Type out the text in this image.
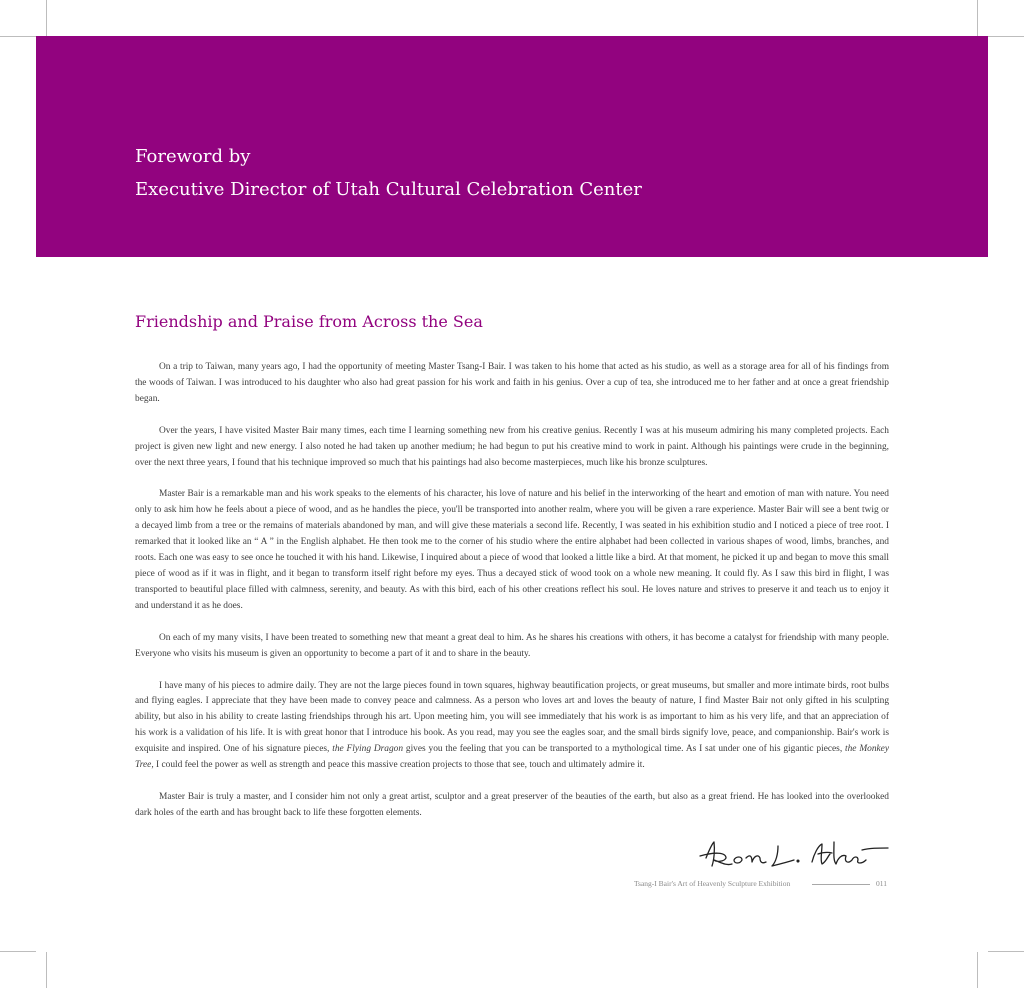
Foreword by
Executive Director of Utah Cultural Celebration Center
Friendship and Praise from Across the Sea

On a trip to Taiwan, many years ago, I had the opportunity of meeting Master Tsang-I Bair. I was taken to his home that acted as his studio, as well as a storage area for all of his findings from the woods of Taiwan. I was introduced to his daughter who also had great passion for his work and faith in his genius. Over a cup of tea, she introduced me to her father and at once a great friendship began.

Over the years, I have visited Master Bair many times, each time I learning something new from his creative genius. Recently I was at his museum admiring his many completed projects. Each project is given new light and new energy. I also noted he had taken up another medium; he had begun to put his creative mind to work in paint. Although his paintings were crude in the beginning, over the next three years, I found that his technique improved so much that his paintings had also become masterpieces, much like his bronze sculptures.

Master Bair is a remarkable man and his work speaks to the elements of his character, his love of nature and his belief in the interworking of the heart and emotion of man with nature. You need only to ask him how he feels about a piece of wood, and as he handles the piece, you'll be transported into another realm, where you will be given a rare experience. Master Bair will see a bent twig or a decayed limb from a tree or the remains of materials abandoned by man, and will give these materials a second life. Recently, I was seated in his exhibition studio and I noticed a piece of tree root. I remarked that it looked like an “ A ” in the English alphabet. He then took me to the corner of his studio where the entire alphabet had been collected in various shapes of wood, limbs, branches, and roots. Each one was easy to see once he touched it with his hand. Likewise, I inquired about a piece of wood that looked a little like a bird. At that moment, he picked it up and began to move this small piece of wood as if it was in flight, and it began to transform itself right before my eyes. Thus a decayed stick of wood took on a whole new meaning. It could fly. As I saw this bird in flight, I was transported to beautiful place filled with calmness, serenity, and beauty. As with this bird, each of his other creations reflect his soul. He loves nature and strives to preserve it and teach us to enjoy it and understand it as he does.

On each of my many visits, I have been treated to something new that meant a great deal to him. As he shares his creations with others, it has become a catalyst for friendship with many people. Everyone who visits his museum is given an opportunity to become a part of it and to share in the beauty.

I have many of his pieces to admire daily. They are not the large pieces found in town squares, highway beautification projects, or great museums, but smaller and more intimate birds, root bulbs and flying eagles. I appreciate that they have been made to convey peace and calmness. As a person who loves art and loves the beauty of nature, I find Master Bair not only gifted in his sculpting ability, but also in his ability to create lasting friendships through his art. Upon meeting him, you will see immediately that his work is as important to him as his very life, and that an appreciation of his work is a validation of his life. It is with great honor that I introduce his book. As you read, may you see the eagles soar, and the small birds signify love, peace, and companionship. Bair's work is exquisite and inspired. One of his signature pieces, the Flying Dragon gives you the feeling that you can be transported to a mythological time. As I sat under one of his gigantic pieces, the Monkey Tree, I could feel the power as well as strength and peace this massive creation projects to those that see, touch and ultimately admire it.

Master Bair is truly a master, and I consider him not only a great artist, sculptor and a great preserver of the beauties of the earth, but also as a great friend. He has looked into the overlooked dark holes of the earth and has brought back to life these forgotten elements.

Tsang-I Bair's Art of Heavenly Sculpture Exhibition	011
